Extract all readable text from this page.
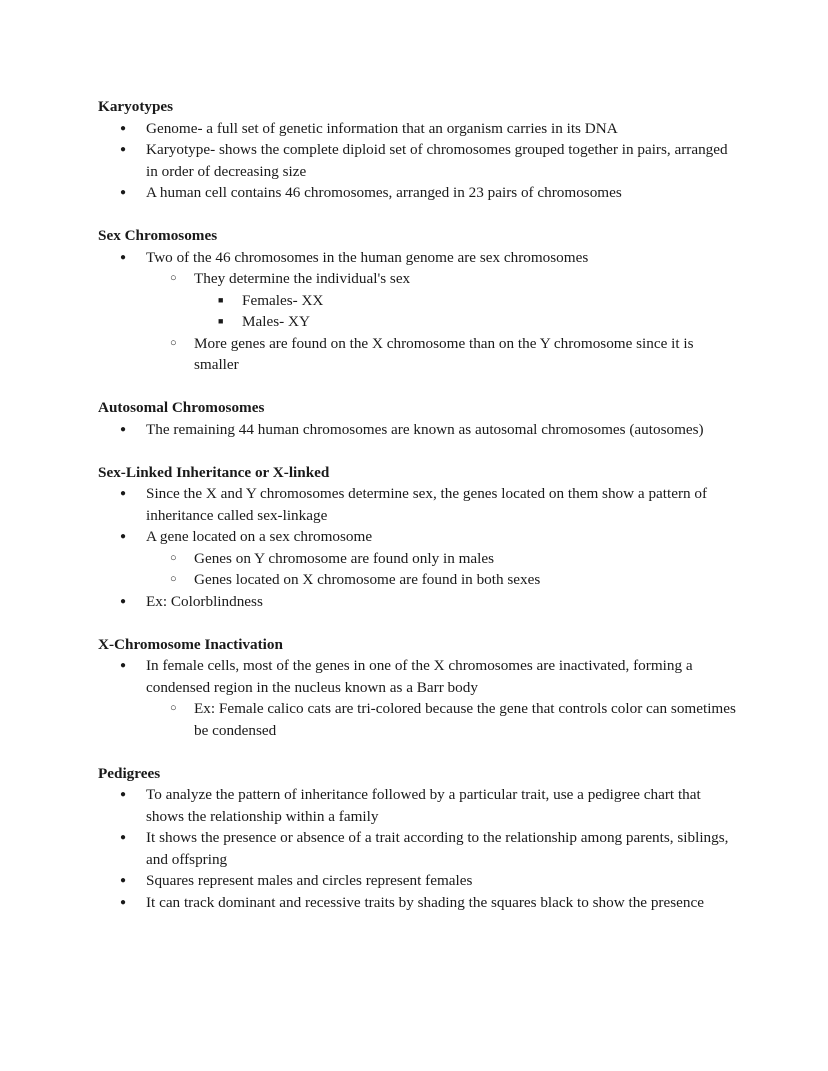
Karyotypes

● Genome- a full set of genetic information that an organism carries in its DNA
● Karyotype- shows the complete diploid set of chromosomes grouped together in pairs, arranged in order of decreasing size
● A human cell contains 46 chromosomes, arranged in 23 pairs of chromosomes

Sex Chromosomes

● Two of the 46 chromosomes in the human genome are sex chromosomes
○ They determine the individual's sex
■ Females- XX
■ Males- XY
○ More genes are found on the X chromosome than on the Y chromosome since it is smaller

Autosomal Chromosomes

● The remaining 44 human chromosomes are known as autosomal chromosomes (autosomes)

Sex-Linked Inheritance or X-linked

● Since the X and Y chromosomes determine sex, the genes located on them show a pattern of inheritance called sex-linkage
● A gene located on a sex chromosome
○ Genes on Y chromosome are found only in males
○ Genes located on X chromosome are found in both sexes
● Ex: Colorblindness

X-Chromosome Inactivation

● In female cells, most of the genes in one of the X chromosomes are inactivated, forming a condensed region in the nucleus known as a Barr body
○ Ex: Female calico cats are tri-colored because the gene that controls color can sometimes be condensed

Pedigrees

● To analyze the pattern of inheritance followed by a particular trait, use a pedigree chart that shows the relationship within a family
● It shows the presence or absence of a trait according to the relationship among parents, siblings, and offspring
● Squares represent males and circles represent females
● It can track dominant and recessive traits by shading the squares black to show the presence
